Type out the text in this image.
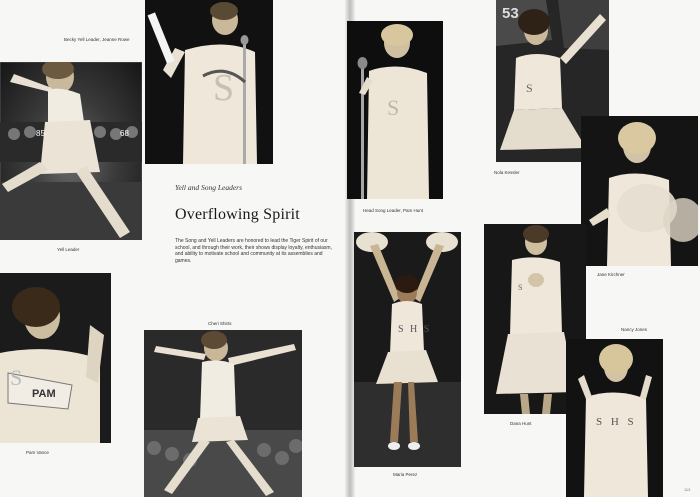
Becky Yell Leader, Jeanne Rowe
85	68
S
Yell and Song Leaders
Overflowing Spirit
The Song and Yell Leaders are honored to lead the Tiger Spirit of our school, and through their work, their shows display loyalty, enthusiasm, and ability to motivate school and community at its assemblies and games.
Yell Leader
PAM
S
Pam Vance
Cheri Shirts
S
Head Song Leader, Pam Hunt
53
S
Nola Kessler
Jane Kirchner
S H S
Maria Perez
S
Dana Hunt
Nancy Jones
S H S
113
